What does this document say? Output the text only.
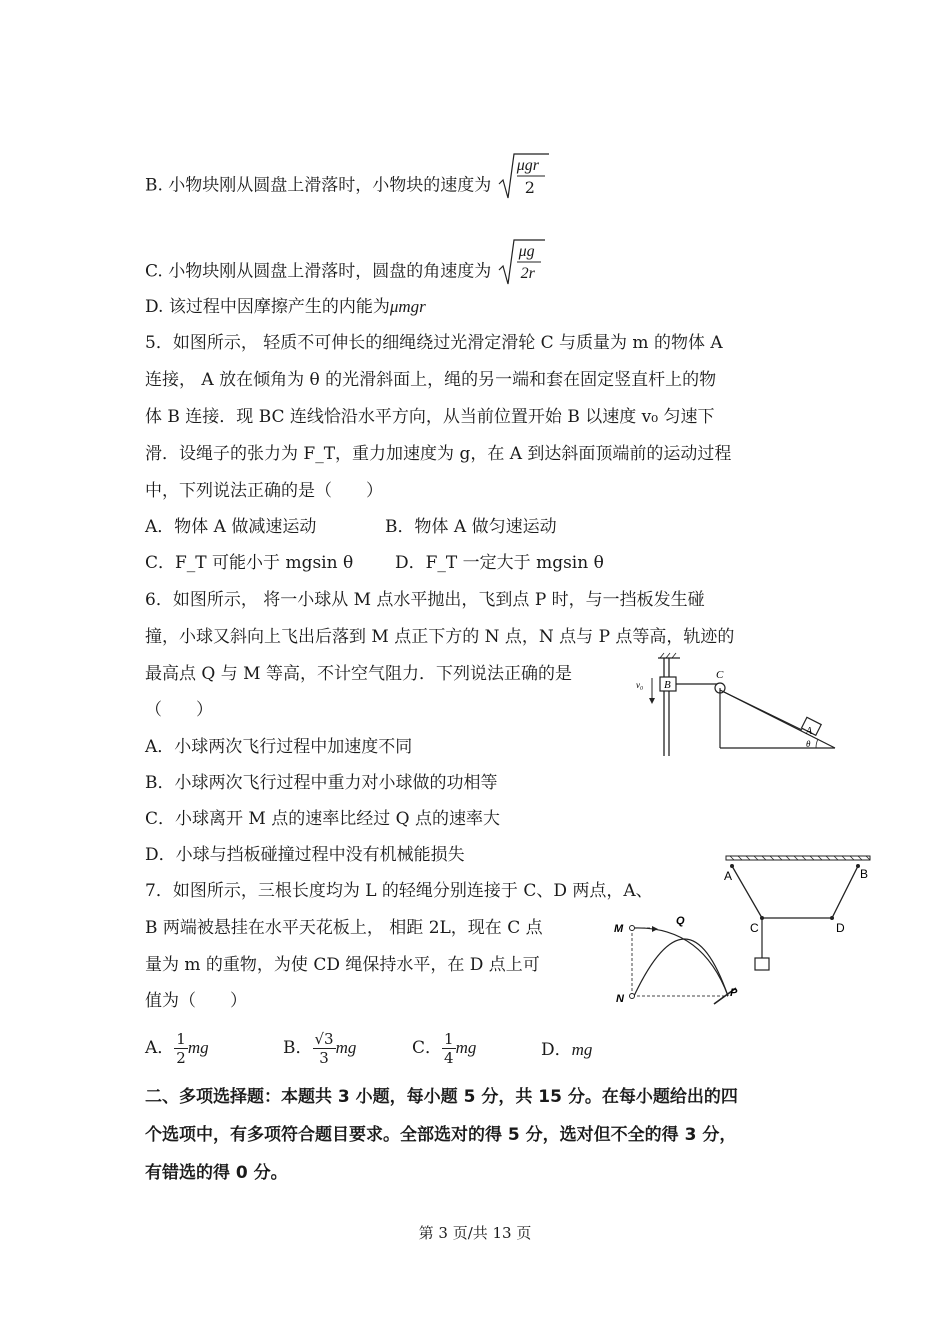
B. 小物块刚从圆盘上滑落时，小物块的速度为
μgr
2
C. 小物块刚从圆盘上滑落时，圆盘的角速度为
μg
2r
D. 该过程中因摩擦产生的内能为μmgr
5．如图所示， 轻质不可伸长的细绳绕过光滑定滑轮 C 与质量为 m 的物体 A
连接， A 放在倾角为 θ 的光滑斜面上，绳的另一端和套在固定竖直杆上的物
体 B 连接．现 BC 连线恰沿水平方向，从当前位置开始 B 以速度 v₀ 匀速下
滑．设绳子的张力为 F_T，重力加速度为 g，在 A 到达斜面顶端前的运动过程
中，下列说法正确的是（　　）
A．物体 A 做减速运动	B．物体 A 做匀速运动
C．F_T 可能小于 mgsin θ D．F_T 一定大于 mgsin θ
6．如图所示， 将一小球从 M 点水平抛出，飞到点 P 时，与一挡板发生碰
撞，小球又斜向上飞出后落到 M 点正下方的 N 点，N 点与 P 点等高，轨迹的
最高点 Q 与 M 等高，不计空气阻力．下列说法正确的是
（　　）
A．小球两次飞行过程中加速度不同
B．小球两次飞行过程中重力对小球做的功相等
C．小球离开 M 点的速率比经过 Q 点的速率大
D．小球与挡板碰撞过程中没有机械能损失
7．如图所示，三根长度均为 L 的轻绳分别连接于 C、D 两点，A、
B 两端被悬挂在水平天花板上， 相距 2L，现在 C 点
量为 m 的重物，为使 CD 绳保持水平，在 D 点上可
值为（　　）
A． $\frac{1}{2}$ mg	B． $\frac{√3}{3}$ mg	C． $\frac{1}{4}$ mg	D．mg
二、多项选择题：本题共 3 小题，每小题 5 分，共 15 分。在每小题给出的四
个选项中，有多项符合题目要求。全部选对的得 5 分，选对但不全的得 3 分，
有错选的得 0 分。
B
v₀
C
A
θ
A	B
C	D
M
Q
N	P
第 3 页/共 13 页
